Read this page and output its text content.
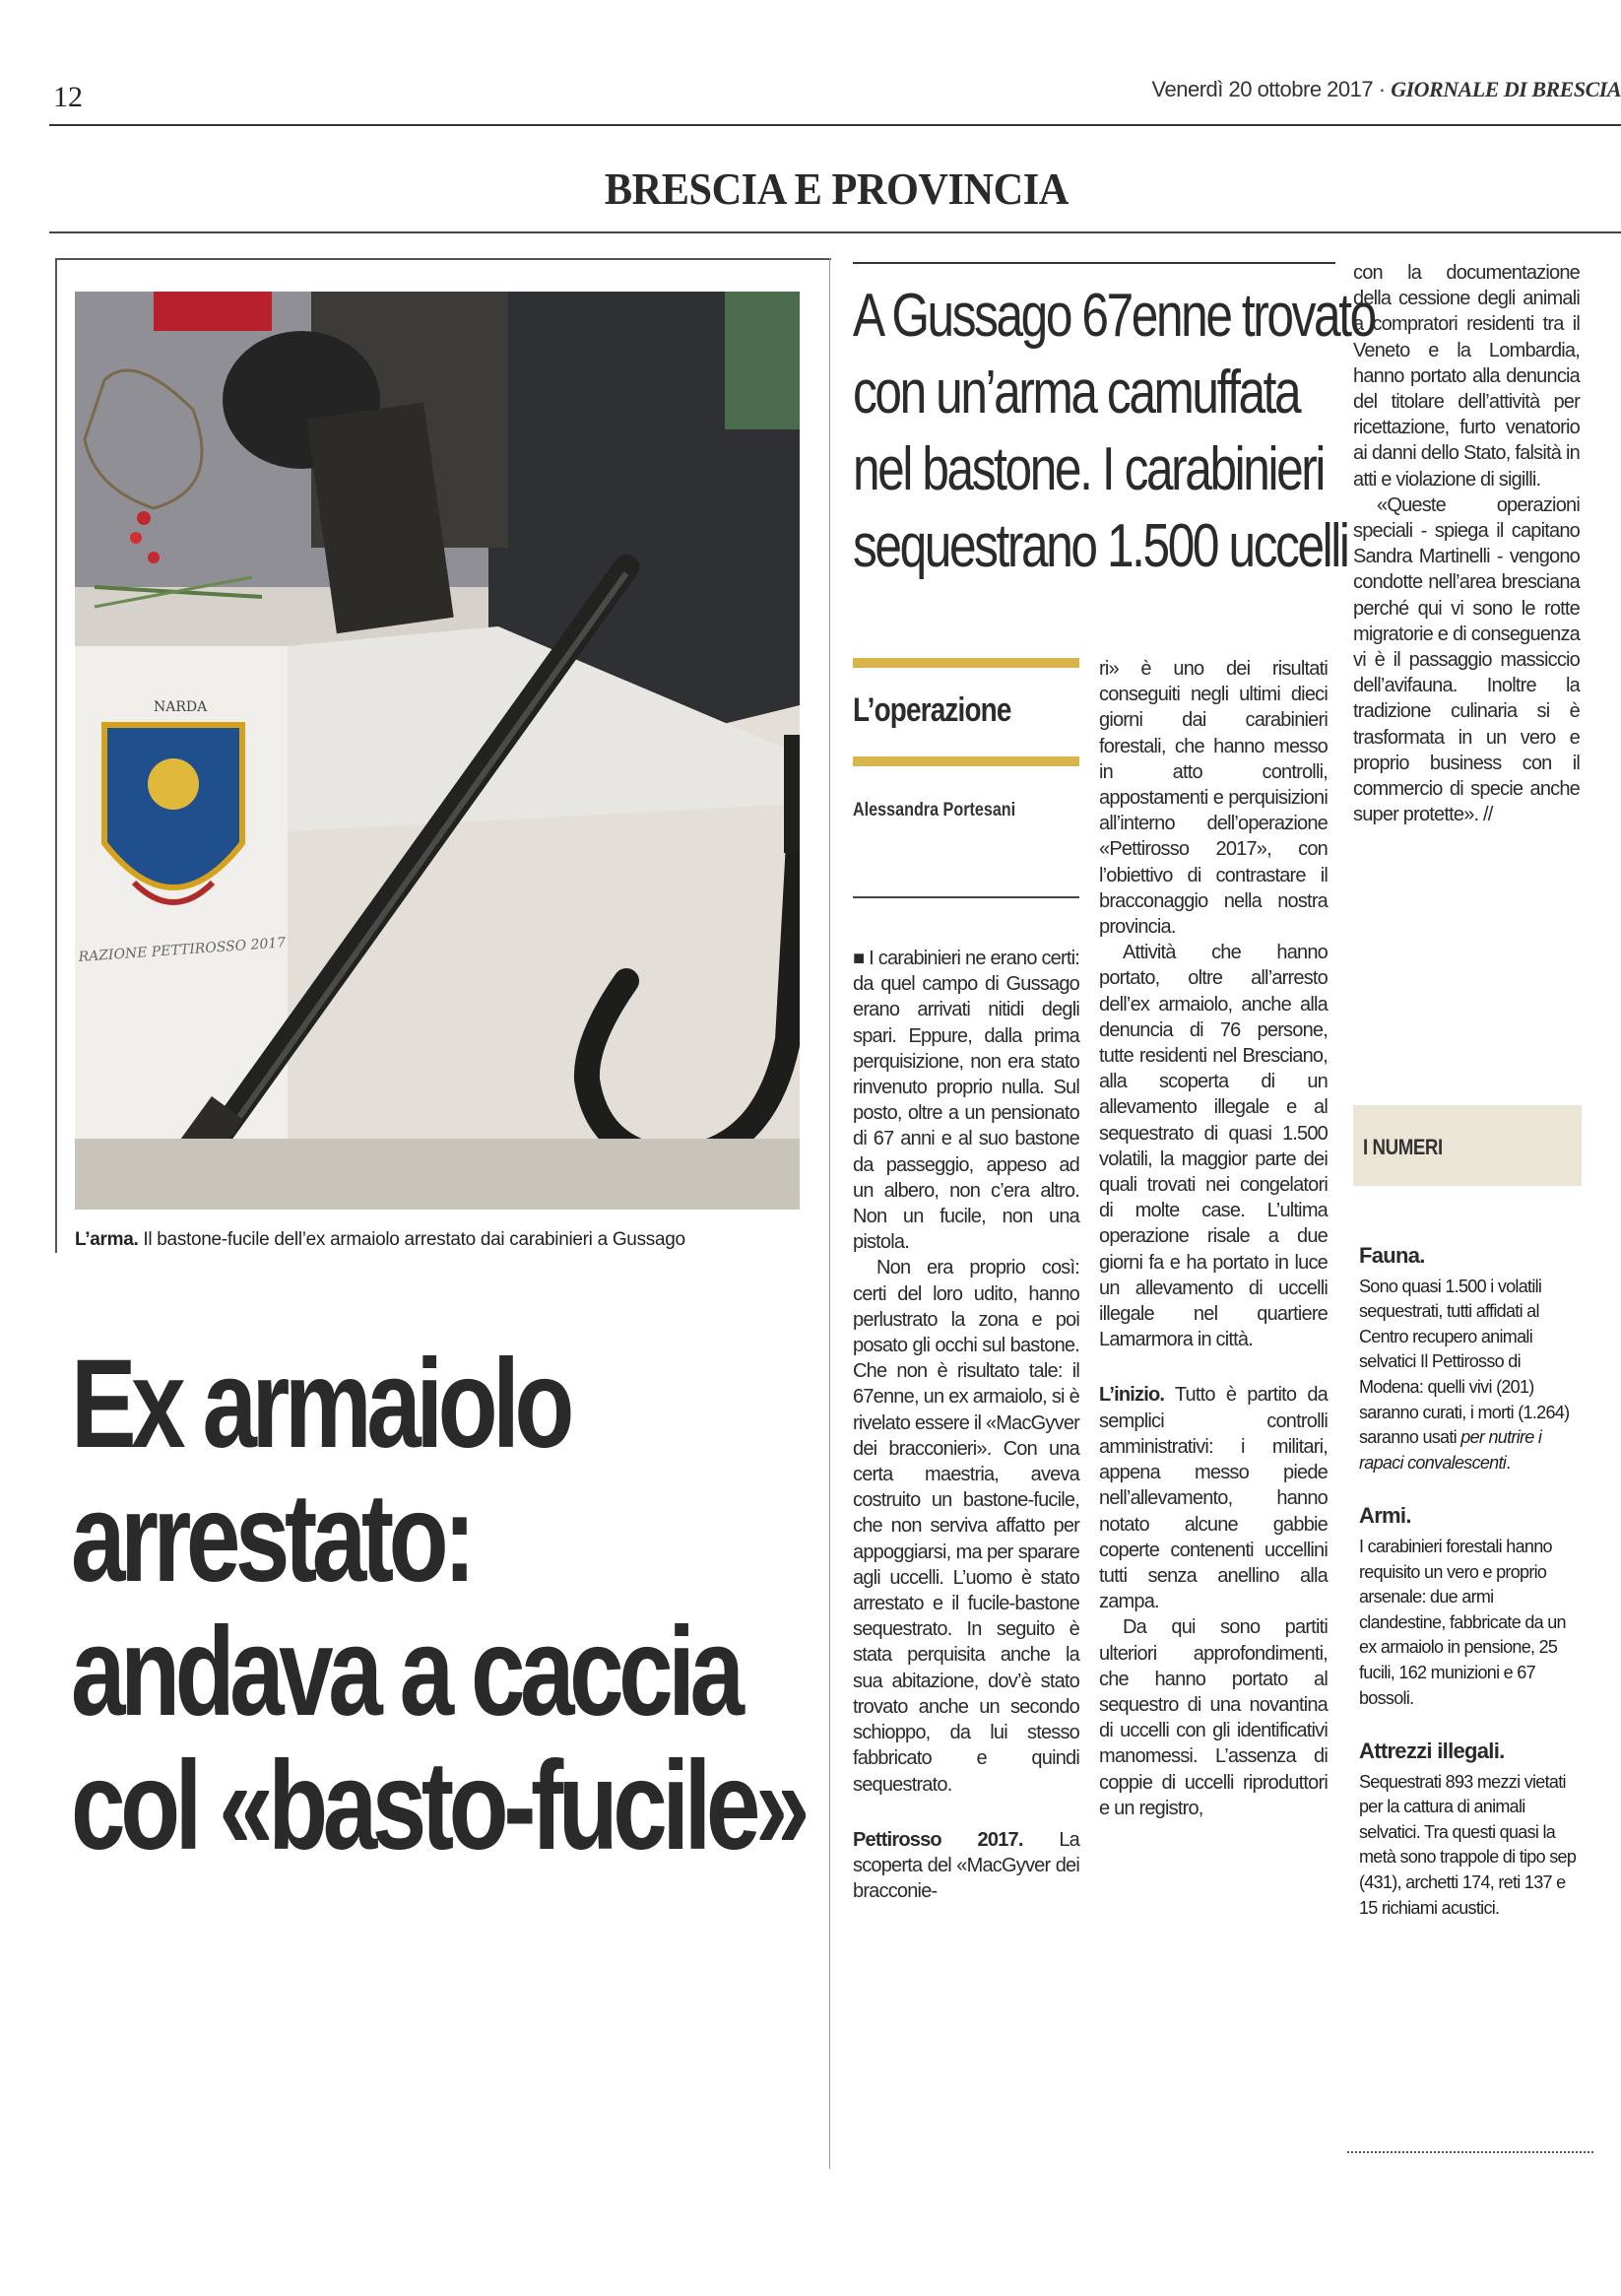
12	Venerdì 20 ottobre 2017 · GIORNALE DI BRESCIA
BRESCIA E PROVINCIA
NARDA
RAZIONE PETTIROSSO 2017
L’arma. Il bastone-fucile dell’ex armaiolo arrestato dai carabinieri a Gussago
Ex armaiolo
arrestato:
andava a caccia
col «basto-fucile»
A Gussago 67enne trovato
con un’arma camuffata
nel bastone. I carabinieri
sequestrano 1.500 uccelli
L’operazione
Alessandra Portesani

■ I carabinieri ne erano certi: da quel campo di Gussago erano arrivati nitidi degli spari. Eppure, dalla prima perquisizione, non era stato rinvenuto proprio nulla. Sul posto, oltre a un pensionato di 67 anni e al suo bastone da passeggio, appeso ad un albero, non c’era altro. Non un fucile, non una pistola.

Non era proprio così: certi del loro udito, hanno perlustrato la zona e poi posato gli occhi sul bastone. Che non è risultato tale: il 67enne, un ex armaiolo, si è rivelato essere il «MacGyver dei bracconieri». Con una certa maestria, aveva costruito un bastone-fucile, che non serviva affatto per appoggiarsi, ma per sparare agli uccelli. L’uomo è stato arrestato e il fucile-bastone sequestrato. In seguito è stata perquisita anche la sua abitazione, dov’è stato trovato anche un secondo schioppo, da lui stesso fabbricato e quindi sequestrato.

Pettirosso 2017. La scoperta del «MacGyver dei bracconie-

ri» è uno dei risultati conseguiti negli ultimi dieci giorni dai carabinieri forestali, che hanno messo in atto controlli, appostamenti e perquisizioni all’interno dell’operazione «Pettirosso 2017», con l’obiettivo di contrastare il bracconaggio nella nostra provincia.

Attività che hanno portato, oltre all’arresto dell’ex armaiolo, anche alla denuncia di 76 persone, tutte residenti nel Bresciano, alla scoperta di un allevamento illegale e al sequestrato di quasi 1.500 volatili, la maggior parte dei quali trovati nei congelatori di molte case. L’ultima operazione risale a due giorni fa e ha portato in luce un allevamento di uccelli illegale nel quartiere Lamarmora in città.

L’inizio. Tutto è partito da semplici controlli amministrativi: i militari, appena messo piede nell’allevamento, hanno notato alcune gabbie coperte contenenti uccellini tutti senza anellino alla zampa.

Da qui sono partiti ulteriori approfondimenti, che hanno portato al sequestro di una novantina di uccelli con gli identificativi manomessi. L’assenza di coppie di uccelli riproduttori e un registro,

con la documentazione della cessione degli animali a compratori residenti tra il Veneto e la Lombardia, hanno portato alla denuncia del titolare dell’attività per ricettazione, furto venatorio ai danni dello Stato, falsità in atti e violazione di sigilli.

«Queste operazioni speciali - spiega il capitano Sandra Martinelli - vengono condotte nell’area bresciana perché qui vi sono le rotte migratorie e di conseguenza vi è il passaggio massiccio dell’avifauna. Inoltre la tradizione culinaria si è trasformata in un vero e proprio business con il commercio di specie anche super protette». //

I NUMERI
Fauna.
Sono quasi 1.500 i volatili sequestrati, tutti affidati al Centro recupero animali selvatici Il Pettirosso di Modena: quelli vivi (201) saranno curati, i morti (1.264) saranno usati per nutrire i rapaci convalescenti.
Armi.
I carabinieri forestali hanno requisito un vero e proprio arsenale: due armi clandestine, fabbricate da un ex armaiolo in pensione, 25 fucili, 162 munizioni e 67 bossoli.
Attrezzi illegali.
Sequestrati 893 mezzi vietati per la cattura di animali selvatici. Tra questi quasi la metà sono trappole di tipo sep (431), archetti 174, reti 137 e 15 richiami acustici.
